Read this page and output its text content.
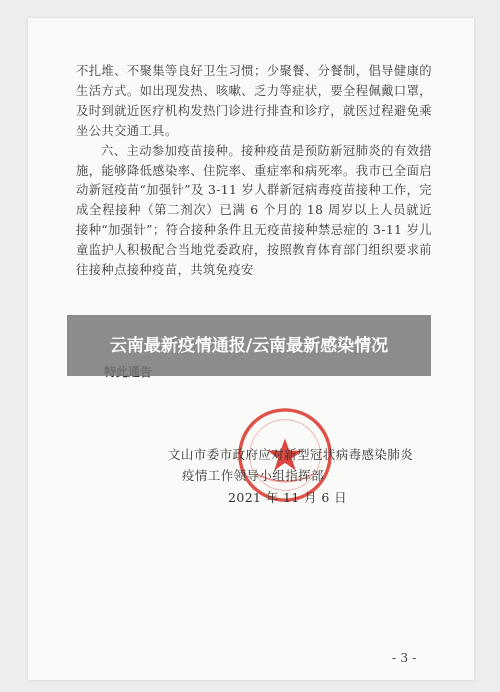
不扎堆、不聚集等良好卫生习惯；少聚餐、分餐制，倡导健康的生活方式。如出现发热、咳嗽、乏力等症状，要全程佩戴口罩，及时到就近医疗机构发热门诊进行排查和诊疗，就医过程避免乘坐公共交通工具。

六、主动参加疫苗接种。接种疫苗是预防新冠肺炎的有效措施，能够降低感染率、住院率、重症率和病死率。我市已全面启动新冠疫苗“加强针”及 3-11 岁人群新冠病毒疫苗接种工作，完成全程接种（第二剂次）已满 6 个月的 18 周岁以上人员就近接种“加强针”；符合接种条件且无疫苗接种禁忌症的 3-11 岁儿童监护人积极配合当地党委政府，按照教育体育部门组织要求前往接种点接种疫苗，共筑免疫安

文山市委市政府应对新型冠状病毒感染肺炎
疫情工作领导小组指挥部
2021 年 11 月 6 日
云南最新疫情通报/云南最新感染情况
- 3 -
